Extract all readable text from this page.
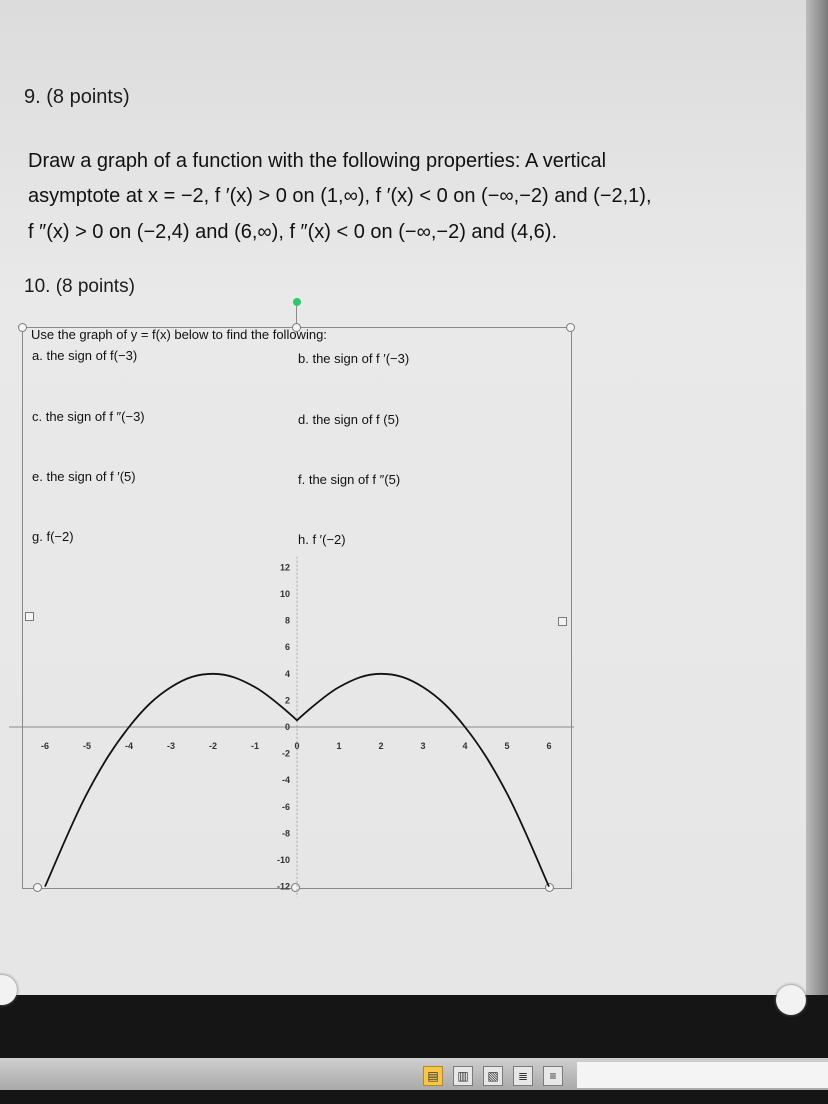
9. (8 points)
Draw a graph of a function with the following properties: A vertical
asymptote at x = −2, f ′(x) > 0 on (1,∞), f ′(x) < 0 on (−∞,−2) and (−2,1),
f ″(x) > 0 on (−2,4) and (6,∞), f ″(x) < 0 on (−∞,−2) and (4,6).
10. (8 points)
Use the graph of y = f(x) below to find the following:
a. the sign of f(−3)	b. the sign of f ′(−3)
c. the sign of f ″(−3)	d. the sign of f (5)
e. the sign of f ′(5)	f. the sign of f ″(5)
g. f(−2)	h. f ′(−2)
-6	-5	-4	-3	-2	-1	0	1	2	3	4	5	6
12
10
8
6
4
2
0
-2
-4
-6
-8
-10
-12
▤	▥	▧	≣	≡
